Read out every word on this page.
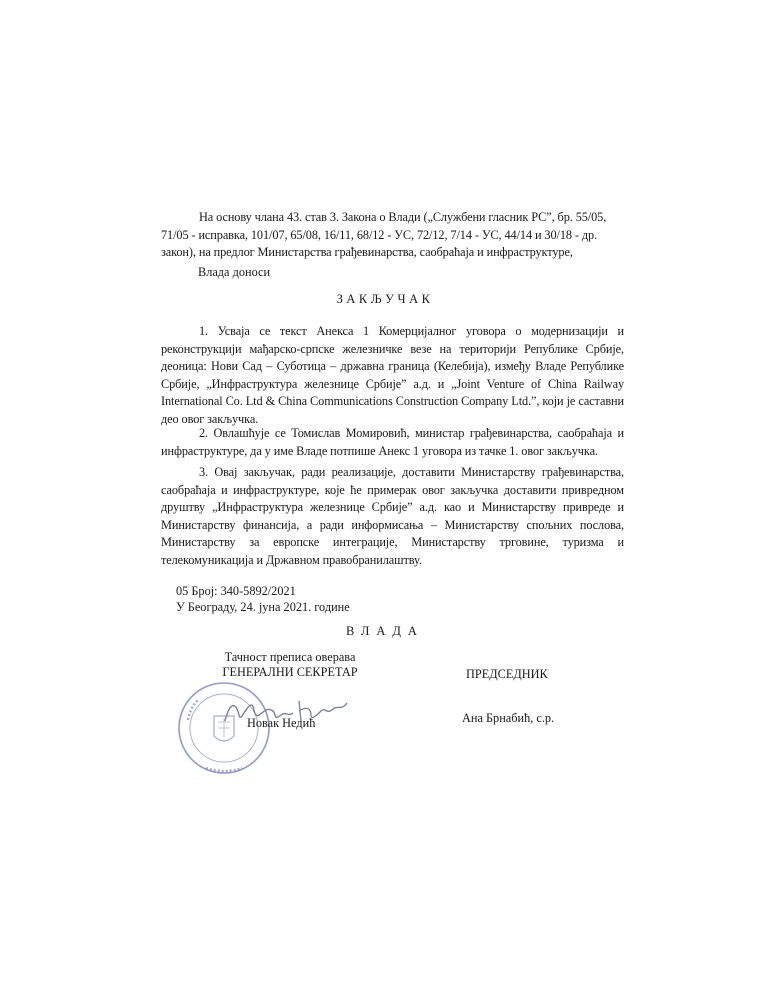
На основу члана 43. став 3. Закона о Влади („Службени гласник РС”, бр. 55/05,
71/05 - исправка, 101/07, 65/08, 16/11, 68/12 - УС, 72/12, 7/14 - УС, 44/14 и 30/18 - др.
закон), на предлог Министарства грађевинарства, саобраћаја и инфраструктуре,
Влада доноси
ЗАКЉУЧАК
1. Усваја се текст Анекса 1 Комерцијалног уговора о модернизацији и реконструкцији мађарско-српске железничке везе на територији Републике Србије, деоница: Нови Сад – Суботица – државна граница (Келебија), између Владе Републике Србије, „Инфраструктура железнице Србије” а.д. и „Joint Venture of China Railway International Co. Ltd & China Communications Construction Company Ltd.”, који је саставни део овог закључка.
2. Овлашћује се Томислав Момировић, министар грађевинарства, саобраћаја и инфраструктуре, да у име Владе потпише Анекс 1 уговора из тачке 1. овог закључка.
3. Овај закључак, ради реализације, доставити Министарству грађевинарства, саобраћаја и инфраструктуре, које ће примерак овог закључка доставити привредном друштву „Инфраструктура железнице Србије” а.д. као и Министарству привреде и Министарству финансија, а ради информисања – Министарству спољних послова, Министарству за европске интеграције, Министарству трговине, туризма и телекомуникација и Државном правобранилаштву.
05 Број: 340-5892/2021
У Београду, 24. јуна 2021. године
ВЛАДА
Тачност преписа оверава
ГЕНЕРАЛНИ СЕКРЕТАР
Новак Недић
ПРЕДСЕДНИК
Ана Брнабић, с.р.
